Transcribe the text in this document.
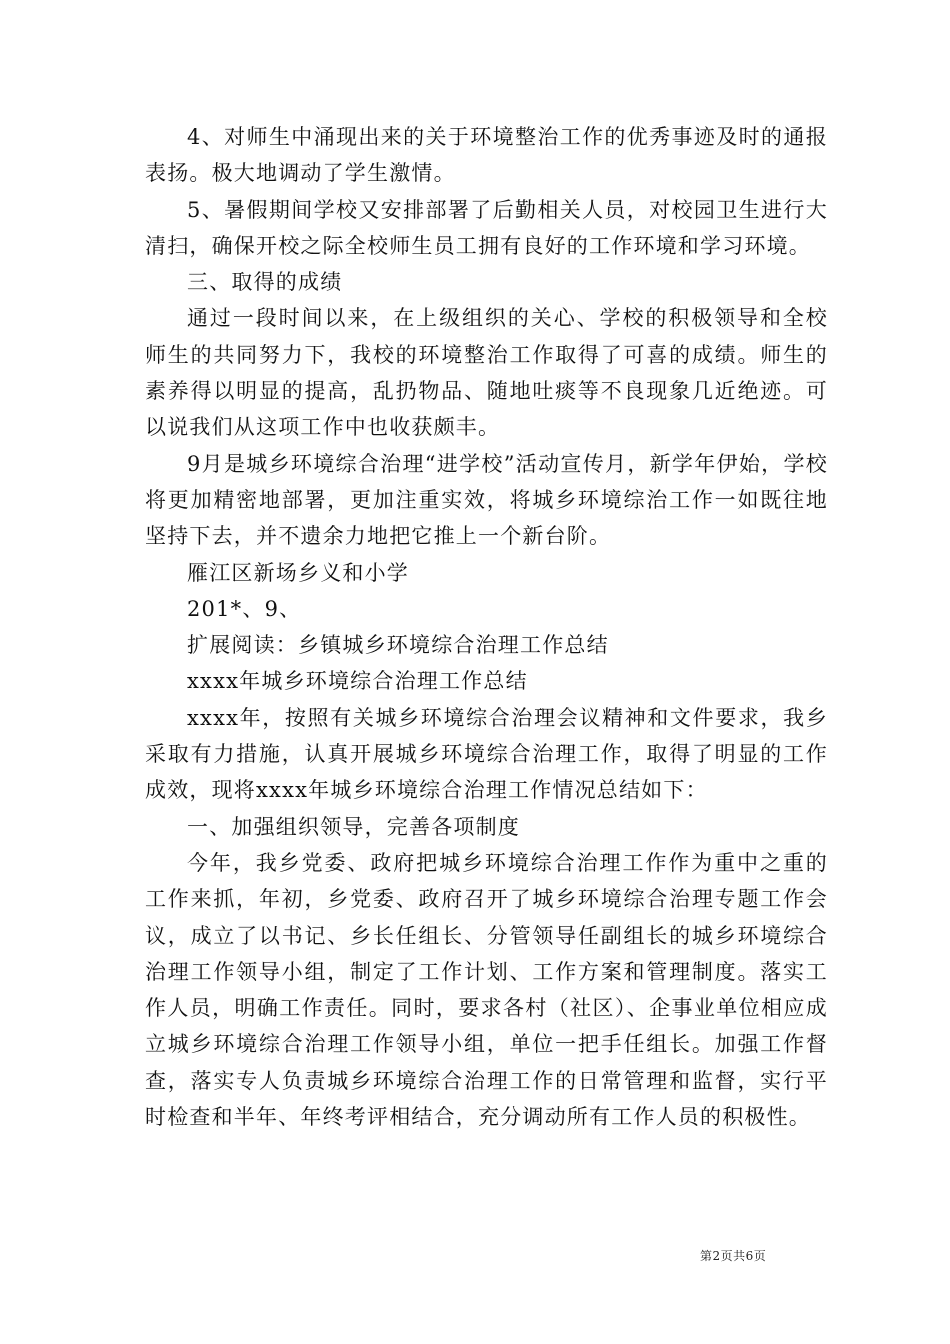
4、对师生中涌现出来的关于环境整治工作的优秀事迹及时的通报表扬。极大地调动了学生激情。

5、暑假期间学校又安排部署了后勤相关人员，对校园卫生进行大清扫，确保开校之际全校师生员工拥有良好的工作环境和学习环境。

三、取得的成绩

通过一段时间以来，在上级组织的关心、学校的积极领导和全校师生的共同努力下，我校的环境整治工作取得了可喜的成绩。师生的素养得以明显的提高，乱扔物品、随地吐痰等不良现象几近绝迹。可以说我们从这项工作中也收获颇丰。

9月是城乡环境综合治理“进学校”活动宣传月，新学年伊始，学校将更加精密地部署，更加注重实效，将城乡环境综治工作一如既往地坚持下去，并不遗余力地把它推上一个新台阶。

雁江区新场乡义和小学

201*、9、

扩展阅读：乡镇城乡环境综合治理工作总结

xxxx年城乡环境综合治理工作总结

xxxx年，按照有关城乡环境综合治理会议精神和文件要求，我乡采取有力措施，认真开展城乡环境综合治理工作，取得了明显的工作成效，现将xxxx年城乡环境综合治理工作情况总结如下：

一、加强组织领导，完善各项制度

今年，我乡党委、政府把城乡环境综合治理工作作为重中之重的工作来抓，年初，乡党委、政府召开了城乡环境综合治理专题工作会议，成立了以书记、乡长任组长、分管领导任副组长的城乡环境综合治理工作领导小组，制定了工作计划、工作方案和管理制度。落实工作人员，明确工作责任。同时，要求各村（社区）、企事业单位相应成立城乡环境综合治理工作领导小组，单位一把手任组长。加强工作督查，落实专人负责城乡环境综合治理工作的日常管理和监督，实行平时检查和半年、年终考评相结合，充分调动所有工作人员的积极性。

第2页共6页
